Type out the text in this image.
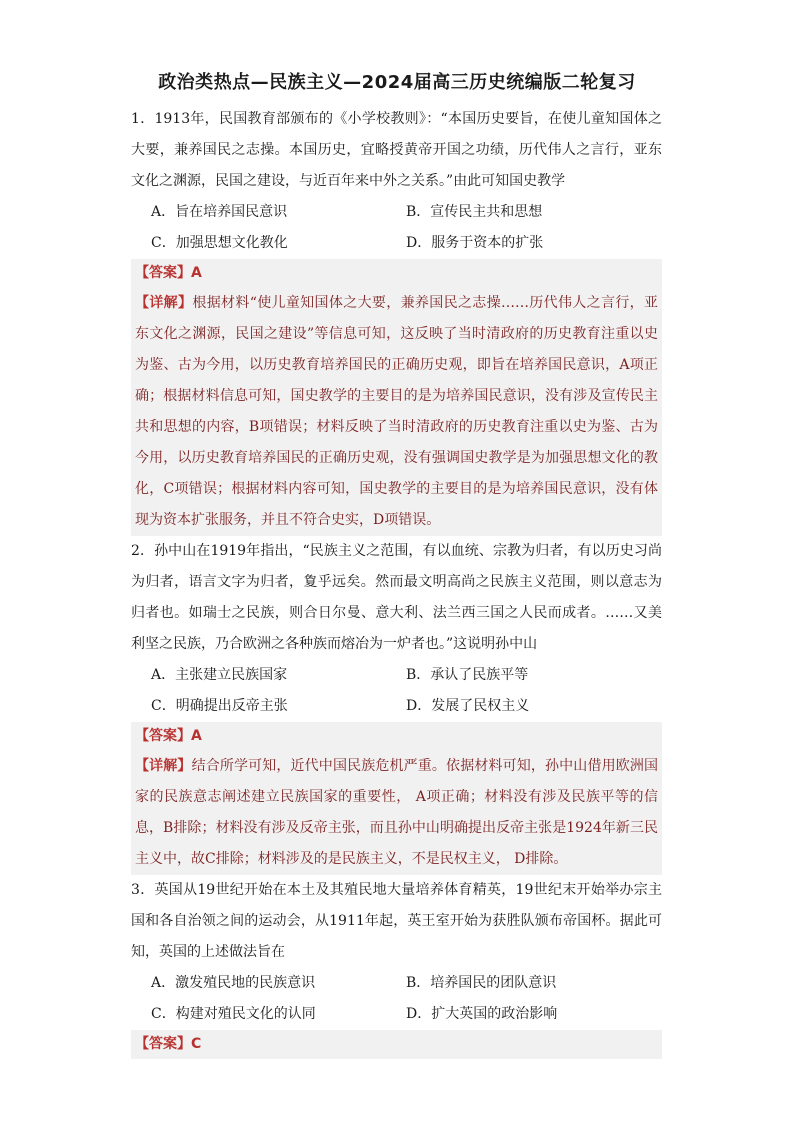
政治类热点—民族主义—2024届高三历史统编版二轮复习

1．1913年，民国教育部颁布的《小学校教则》：“本国历史要旨，在使儿童知国体之大要，兼养国民之志操。本国历史，宜略授黄帝开国之功绩，历代伟人之言行，亚东文化之渊源，民国之建设，与近百年来中外之关系。”由此可知国史教学

A．旨在培养国民意识	B．宣传民主共和思想
C．加强思想文化教化	D．服务于资本的扩张
【答案】A
【详解】根据材料“使儿童知国体之大要，兼养国民之志操……历代伟人之言行，亚东文化之渊源，民国之建设”等信息可知，这反映了当时清政府的历史教育注重以史为鉴、古为今用，以历史教育培养国民的正确历史观，即旨在培养国民意识，A项正确；根据材料信息可知，国史教学的主要目的是为培养国民意识，没有涉及宣传民主共和思想的内容，B项错误；材料反映了当时清政府的历史教育注重以史为鉴、古为今用，以历史教育培养国民的正确历史观，没有强调国史教学是为加强思想文化的教化，C项错误；根据材料内容可知，国史教学的主要目的是为培养国民意识，没有体现为资本扩张服务，并且不符合史实，D项错误。

2．孙中山在1919年指出，“民族主义之范围，有以血统、宗教为归者，有以历史习尚为归者，语言文字为归者，夐乎远矣。然而最文明高尚之民族主义范围，则以意志为归者也。如瑞士之民族，则合日尔曼、意大利、法兰西三国之人民而成者。……又美利坚之民族，乃合欧洲之各种族而熔冶为一炉者也。”这说明孙中山

A．主张建立民族国家	B．承认了民族平等
C．明确提出反帝主张	D．发展了民权主义
【答案】A
【详解】结合所学可知，近代中国民族危机严重。依据材料可知，孙中山借用欧洲国家的民族意志阐述建立民族国家的重要性， A项正确；材料没有涉及民族平等的信息，B排除；材料没有涉及反帝主张，而且孙中山明确提出反帝主张是1924年新三民主义中，故C排除；材料涉及的是民族主义，不是民权主义， D排除。

3．英国从19世纪开始在本土及其殖民地大量培养体育精英，19世纪末开始举办宗主国和各自治领之间的运动会，从1911年起，英王室开始为获胜队颁布帝国杯。据此可知，英国的上述做法旨在

A．激发殖民地的民族意识	B．培养国民的团队意识
C．构建对殖民文化的认同	D．扩大英国的政治影响
【答案】C
